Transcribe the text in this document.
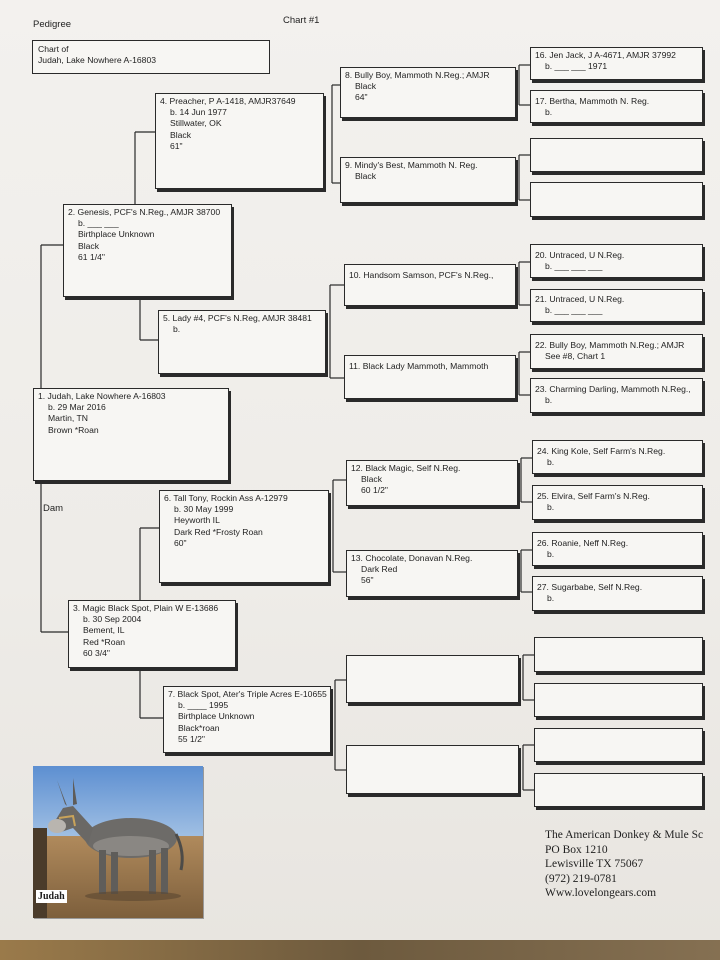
Pedigree	Chart #1
Chart of
Judah, Lake Nowhere A-16803
1. Judah, Lake Nowhere A-16803
b. 29 Mar 2016
Martin, TN
Brown *Roan
Dam
2. Genesis, PCF's N.Reg., AMJR 38700
b. ___ ___
Birthplace Unknown
Black
61 1/4"
3. Magic Black Spot, Plain W E-13686
b. 30 Sep 2004
Bement, IL
Red *Roan
60 3/4"
4. Preacher, P A-1418, AMJR37649
b. 14 Jun 1977
Stillwater, OK
Black
61"
5. Lady #4, PCF's N.Reg, AMJR 38481
b.
6. Tall Tony, Rockin Ass A-12979
b. 30 May 1999
Heyworth IL
Dark Red *Frosty Roan
60"
7. Black Spot, Ater's Triple Acres E-10655
b. ____ 1995
Birthplace Unknown
Black*roan
55 1/2"
8. Bully Boy, Mammoth N.Reg.; AMJR
Black
64"
9. Mindy's Best, Mammoth N. Reg.
Black
10. Handsom Samson, PCF's N.Reg.,
11. Black Lady Mammoth, Mammoth
12. Black Magic, Self N.Reg.
Black
60 1/2"
13. Chocolate, Donavan N.Reg.
Dark Red
56"
16. Jen Jack, J A-4671, AMJR 37992
b. ___ ___ 1971
17. Bertha, Mammoth N. Reg.
b.
20. Untraced, U N.Reg.
b. ___ ___ ___
21. Untraced, U N.Reg.
b. ___ ___ ___
22. Bully Boy, Mammoth N.Reg.; AMJR
See #8, Chart 1
23. Charming Darling, Mammoth N.Reg.,
b.
24. King Kole, Self Farm's N.Reg.
b.
25. Elvira, Self Farm's N.Reg.
b.
26. Roanie, Neff N.Reg.
b.
27. Sugarbabe, Self N.Reg.
b.
Judah
The American Donkey & Mule Sc
PO Box 1210
Lewisville TX 75067
(972) 219-0781
Www.lovelongears.com
